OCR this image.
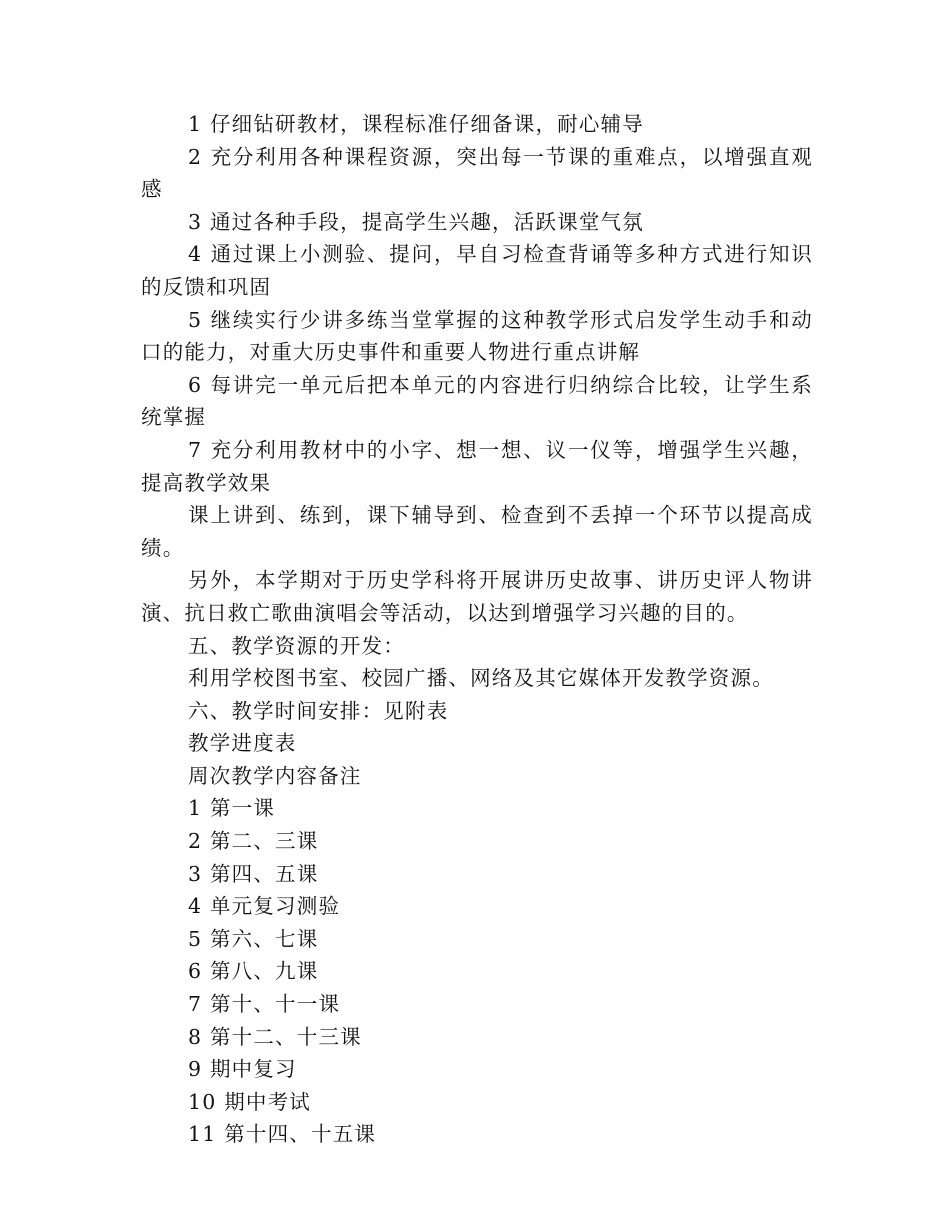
1 仔细钻研教材，课程标准仔细备课，耐心辅导

2 充分利用各种课程资源，突出每一节课的重难点，以增强直观感

3 通过各种手段，提高学生兴趣，活跃课堂气氛

4 通过课上小测验、提问，早自习检查背诵等多种方式进行知识的反馈和巩固

5 继续实行少讲多练当堂掌握的这种教学形式启发学生动手和动口的能力，对重大历史事件和重要人物进行重点讲解

6 每讲完一单元后把本单元的内容进行归纳综合比较，让学生系统掌握

7 充分利用教材中的小字、想一想、议一仪等，增强学生兴趣，提高教学效果

课上讲到、练到，课下辅导到、检查到不丢掉一个环节以提高成绩。

另外，本学期对于历史学科将开展讲历史故事、讲历史评人物讲演、抗日救亡歌曲演唱会等活动，以达到增强学习兴趣的目的。

五、教学资源的开发：

利用学校图书室、校园广播、网络及其它媒体开发教学资源。

六、教学时间安排：见附表

教学进度表

周次教学内容备注

1 第一课

2 第二、三课

3 第四、五课

4 单元复习测验

5 第六、七课

6 第八、九课

7 第十、十一课

8 第十二、十三课

9 期中复习

10 期中考试

11 第十四、十五课
